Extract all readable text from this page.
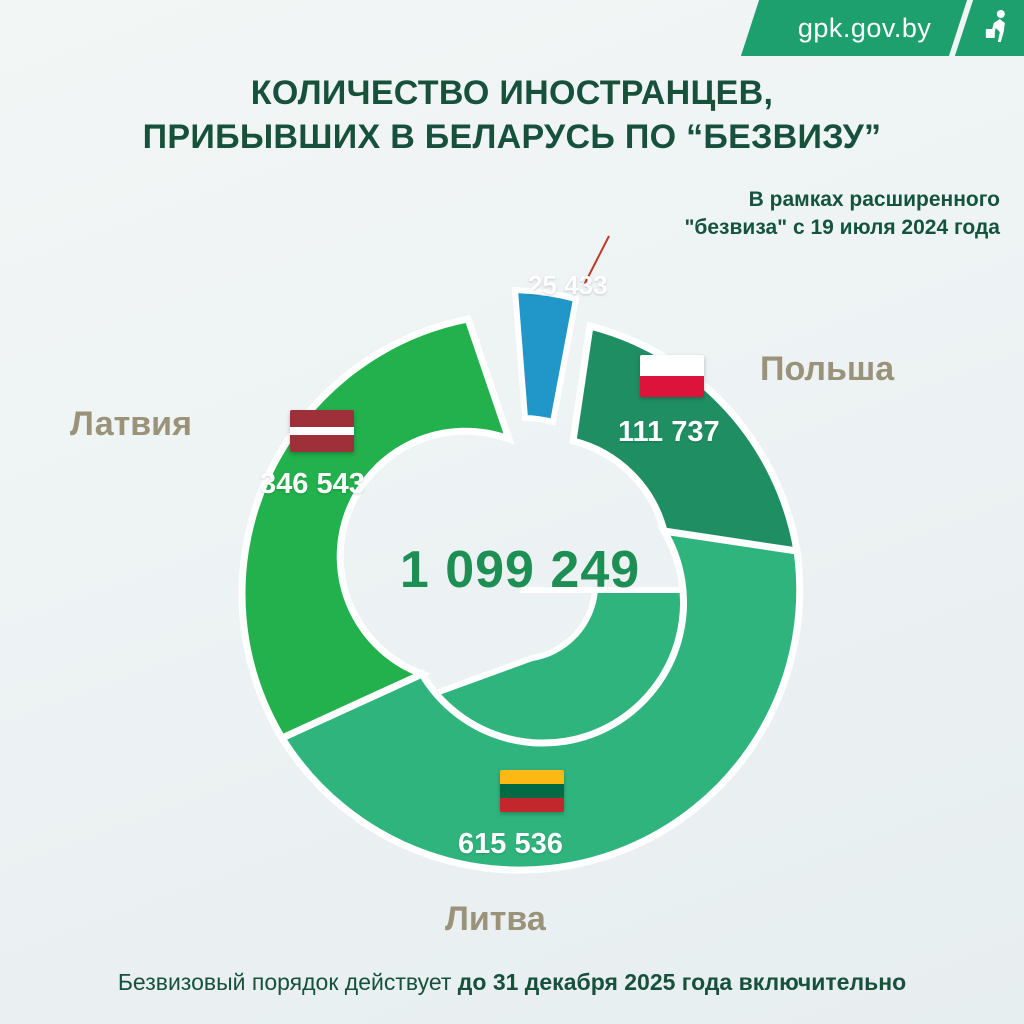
gpk.gov.by
КОЛИЧЕСТВО ИНОСТРАНЦЕВ,
ПРИБЫВШИХ В БЕЛАРУСЬ ПО “БЕЗВИЗУ”
В рамках расширенного
"безвиза" с 19 июля 2024 года
1 099 249
346 543
111 737
615 536
25 433
Латвия
Польша
Литва
Безвизовый порядок действует до 31 декабря 2025 года включительно
